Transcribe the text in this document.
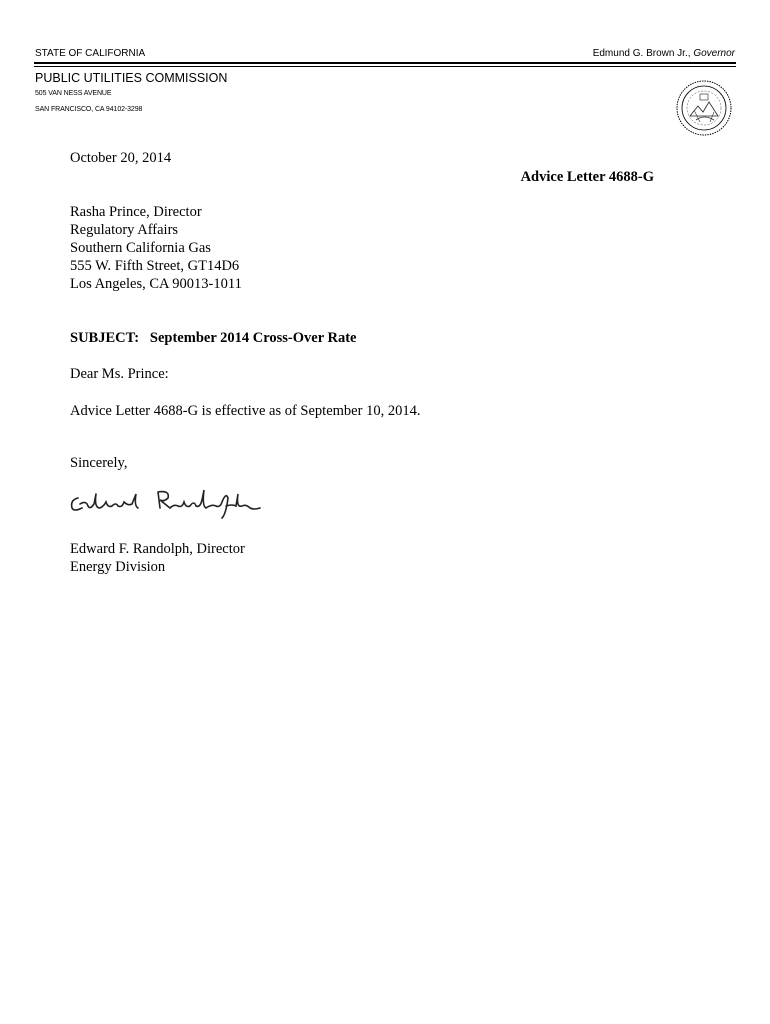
STATE OF CALIFORNIA	Edmund G. Brown Jr., Governor
PUBLIC UTILITIES COMMISSION
505 VAN NESS AVENUE
SAN FRANCISCO, CA 94102-3298
October 20, 2014
Advice Letter 4688-G
Rasha Prince, Director
Regulatory Affairs
Southern California Gas
555 W. Fifth Street, GT14D6
Los Angeles, CA 90013-1011
SUBJECT: September 2014 Cross-Over Rate
Dear Ms. Prince:
Advice Letter 4688-G is effective as of September 10, 2014.
Sincerely,
Edward F. Randolph, Director
Energy Division
